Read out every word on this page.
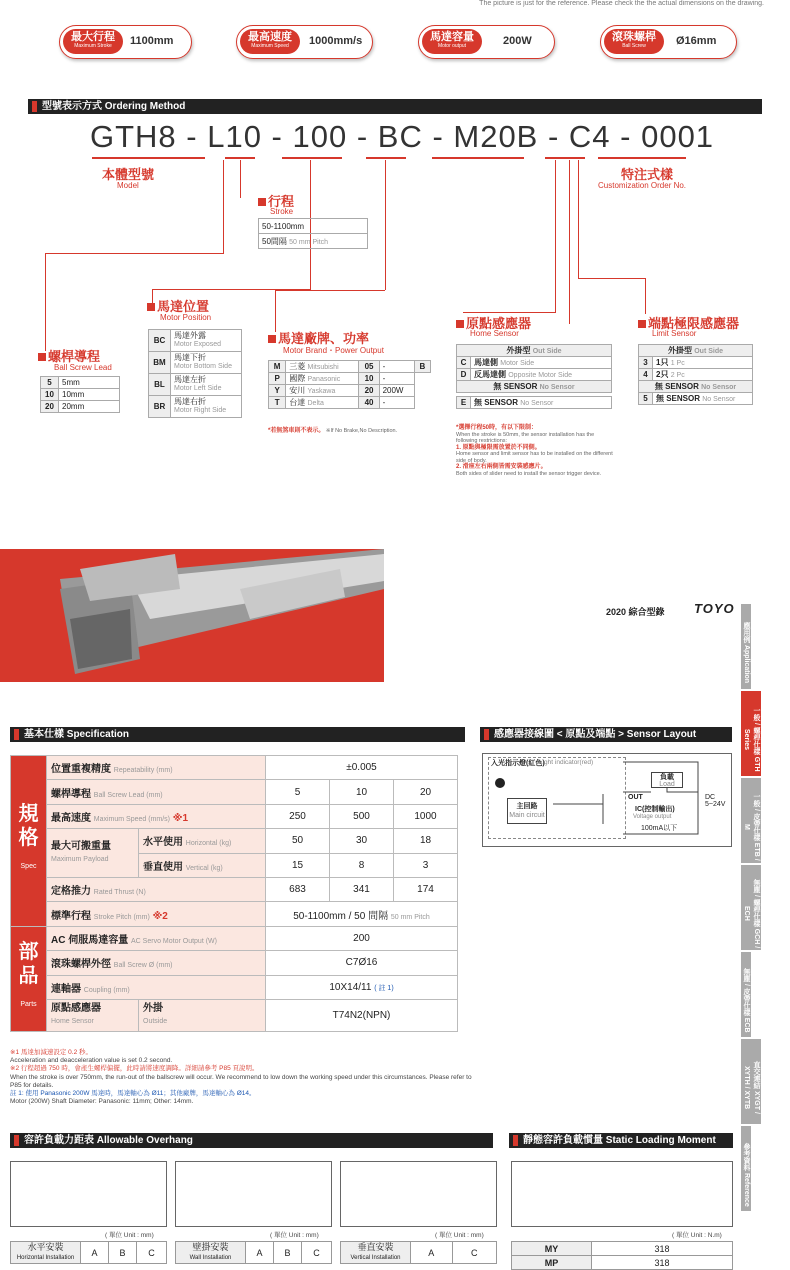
The picture is just for the reference. Please check the the actual dimensions on the drawing.
最大行程
Maximum Stroke 1100mm	最高速度
Maximum Speed 1000mm/s	馬達容量
Motor output	200W	滾珠螺桿
Ball Screw	Ø16mm
型號表示方式 Ordering Method
GTH8 - L10 - 100 - BC - M20B - C4 - 0001
本體型號
Model
特注式樣
Customization Order No.
行程
Stroke
50-1100mm
50間隔 50 mm Pitch
螺桿導程
Ball Screw Lead
5	5mm
10	10mm
20	20mm
馬達位置
Motor Position
BC	馬達外露
Motor Exposed
BM	馬達下折
Motor Bottom Side
BL	馬達左折
Motor Left Side
BR	馬達右折
Motor Right Side
馬達廠牌、功率
Motor Brand・Power Output
M	三菱 Mitsubishi	05	-	B
P	國際 Panasonic	10	-	
Y	安川 Yaskawa	20	200W	
T	台達 Delta	40	-	
*若無煞車則不表示。 ※If No Brake,No Description.
原點感應器
Home Sensor
外掛型 Out Side	
C	馬達側 Motor Side
D	反馬達側 Opposite Motor Side
無 SENSOR No Sensor	

E	無 SENSOR No Sensor
*選擇行程50時，有以下限制：
When the stroke is 50mm, the sensor installation has the following restrictions:
1. 原點與極限需放置於不同側。
Home sensor and limit sensor has to be installed on the different side of body.
2. 滑座左右兩側皆需安裝感應片。
Both sides of slider need to install the sensor trigger device.
端點極限感應器
Limit Sensor
外掛型 Out Side	
3	1只 1 Pc
4	2只 2 Pc
無 SENSOR No Sensor	
5	無 SENSOR No Sensor
2020 綜合型錄 TOYO
應用例 Application
一般 / 螺桿仕樣 GTH Series
一般 / 皮帶仕樣 ETB / M
無塵 / 螺桿仕樣 GCH / ECH
無塵 / 皮帶仕樣 ECB
直交連結 XYGT / XYTH / XYTB
參考資料 Reference
基本仕樣 Specification
規格
Spec	位置重複精度 Repeatability (mm)		±0.005		
	螺桿導程 Ball Screw Lead (mm)		5	10	20
	最高速度 Maximum Speed (mm/s) ※1		250	500	1000
	最大可搬重量
Maximum Payload	水平使用 Horizontal (kg)	50	30	18
		垂直使用 Vertical (kg)	15	8	3
	定格推力 Rated Thrust (N)		683	341	174
	標準行程 Stroke Pitch (mm) ※2		50-1100mm / 50 間隔 50 mm Pitch		
部品
Parts	AC 伺服馬達容量 AC Servo Motor Output (W)		200		
	滾珠螺桿外徑 Ball Screw Ø (mm)		C7Ø16		
	連軸器 Coupling (mm)		10X14/11 ( 註 1)		
	原點感應器
Home Sensor	外掛
Outside	T74N2(NPN)		
※1 馬達加減速設定 0.2 秒。
Acceleration and deacceleration value is set 0.2 second.
※2 行程超過 750 時，會產生螺桿偏擺，此時請將速度調降。詳細請參考 P85 頁說明。
When the stroke is over 750mm, the run-out of the ballscrew will occur. We recommend to low down the working speed under this circumstances. Please refer to P85 for details.
註 1: 使用 Panasonic 200W 馬達時，馬達軸心為 Ø11；其他廠牌，馬達軸心為 Ø14。
Motor (200W) Shaft Diameter: Panasonic: 11mm; Other: 14mm.
感應器接線圖 < 原點及端點 > Sensor Layout
入光指示燈(紅色)
Light indicator(red)
主回路
Main circuit
OUT
IC(控制輸出)
Voltage output
100mA以下
負載
Load
DC
5~24V
容許負載力距表 Allowable Overhang
( 單位 Unit : mm)	( 單位 Unit : mm)	( 單位 Unit : mm)
水平安裝
Horizontal Installation	A	B	C
壁掛安裝
Wall Installation	A	B	C
垂直安裝
Vertical Installation	A	C
靜態容許負載慣量 Static Loading Moment
( 單位 Unit : N.m)
MY	318
MP	318
